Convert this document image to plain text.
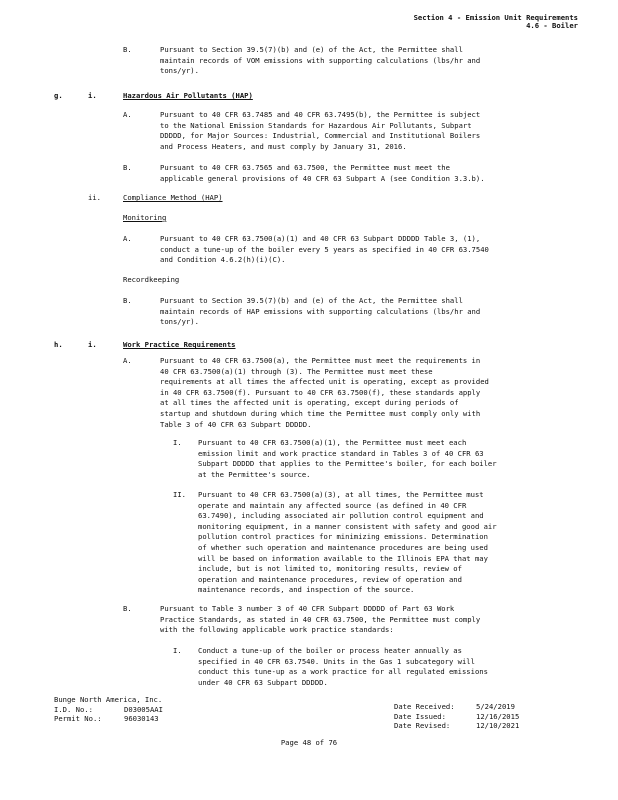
Section 4 - Emission Unit Requirements
4.6 - Boiler
B.	Pursuant to Section 39.5(7)(b) and (e) of the Act, the Permittee shall
maintain records of VOM emissions with supporting calculations (lbs/hr and
tons/yr).
g.	i.	Hazardous Air Pollutants (HAP)
A.	Pursuant to 40 CFR 63.7485 and 40 CFR 63.7495(b), the Permittee is subject
to the National Emission Standards for Hazardous Air Pollutants, Subpart
DDDDD, for Major Sources: Industrial, Commercial and Institutional Boilers
and Process Heaters, and must comply by January 31, 2016.
B.	Pursuant to 40 CFR 63.7565 and 63.7500, the Permittee must meet the
applicable general provisions of 40 CFR 63 Subpart A (see Condition 3.3.b).
ii.	Compliance Method (HAP)
Monitoring
A.	Pursuant to 40 CFR 63.7500(a)(1) and 40 CFR 63 Subpart DDDDD Table 3, (1),
conduct a tune-up of the boiler every 5 years as specified in 40 CFR 63.7540
and Condition 4.6.2(h)(i)(C).
Recordkeeping
B.	Pursuant to Section 39.5(7)(b) and (e) of the Act, the Permittee shall
maintain records of HAP emissions with supporting calculations (lbs/hr and
tons/yr).
h.	i.	Work Practice Requirements
A.	Pursuant to 40 CFR 63.7500(a), the Permittee must meet the requirements in
40 CFR 63.7500(a)(1) through (3). The Permittee must meet these
requirements at all times the affected unit is operating, except as provided
in 40 CFR 63.7500(f). Pursuant to 40 CFR 63.7500(f), these standards apply
at all times the affected unit is operating, except during periods of
startup and shutdown during which time the Permittee must comply only with
Table 3 of 40 CFR 63 Subpart DDDDD.
I. Pursuant to 40 CFR 63.7500(a)(1), the Permittee must meet each
emission limit and work practice standard in Tables 3 of 40 CFR 63
Subpart DDDDD that applies to the Permittee's boiler, for each boiler
at the Permittee's source.
II. Pursuant to 40 CFR 63.7500(a)(3), at all times, the Permittee must
operate and maintain any affected source (as defined in 40 CFR
63.7490), including associated air pollution control equipment and
monitoring equipment, in a manner consistent with safety and good air
pollution control practices for minimizing emissions. Determination
of whether such operation and maintenance procedures are being used
will be based on information available to the Illinois EPA that may
include, but is not limited to, monitoring results, review of
operation and maintenance procedures, review of operation and
maintenance records, and inspection of the source.
B.	Pursuant to Table 3 number 3 of 40 CFR Subpart DDDDD of Part 63 Work
Practice Standards, as stated in 40 CFR 63.7500, the Permittee must comply
with the following applicable work practice standards:
I. Conduct a tune-up of the boiler or process heater annually as
specified in 40 CFR 63.7540. Units in the Gas 1 subcategory will
conduct this tune-up as a work practice for all regulated emissions
under 40 CFR 63 Subpart DDDDD.
Bunge North America, Inc.
I.D. No.:	D03005AAI
Permit No.:	96030143
Date Received:	5/24/2019
Date Issued:	12/16/2015
Date Revised:	12/10/2021
Page 48 of 76
